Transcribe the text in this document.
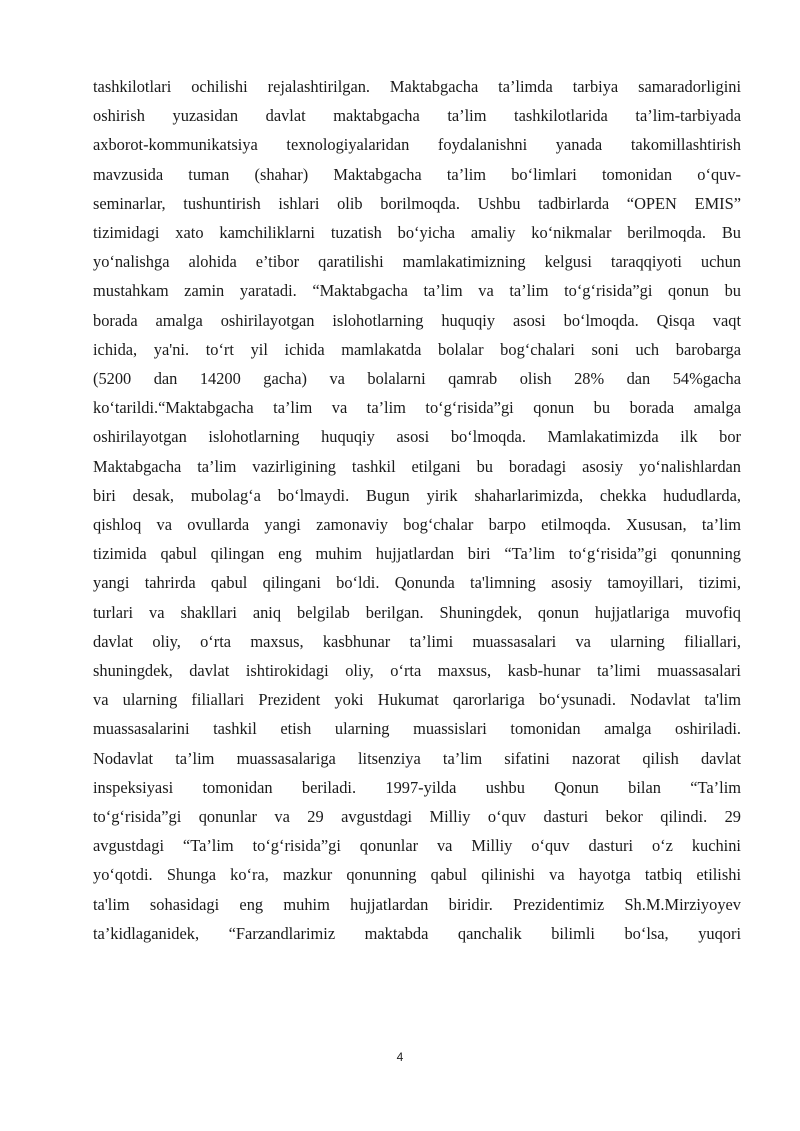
tashkilotlari ochilishi rejalashtirilgan. Maktabgacha ta’limda tarbiya samaradorligini
oshirish yuzasidan davlat maktabgacha ta’lim tashkilotlarida ta’lim-tarbiyada
axborot-kommunikatsiya texnologiyalaridan foydalanishni yanada takomillashtirish
mavzusida tuman (shahar) Maktabgacha ta’lim bo‘limlari tomonidan o‘quv-
seminarlar, tushuntirish ishlari olib borilmoqda. Ushbu tadbirlarda “OPEN EMIS”
tizimidagi xato kamchiliklarni tuzatish bo‘yicha amaliy ko‘nikmalar berilmoqda. Bu
yo‘nalishga alohida e’tibor qaratilishi mamlakatimizning kelgusi taraqqiyoti uchun
mustahkam zamin yaratadi. “Maktabgacha ta’lim va ta’lim to‘g‘risida”gi qonun bu
borada amalga oshirilayotgan islohotlarning huquqiy asosi bo‘lmoqda. Qisqa vaqt
ichida, ya'ni. to‘rt yil ichida mamlakatda bolalar bog‘chalari soni uch barobarga
(5200 dan 14200 gacha) va bolalarni qamrab olish 28% dan 54%gacha
ko‘tarildi.“Maktabgacha ta’lim va ta’lim to‘g‘risida”gi qonun bu borada amalga
oshirilayotgan islohotlarning huquqiy asosi bo‘lmoqda. Mamlakatimizda ilk bor
Maktabgacha ta’lim vazirligining tashkil etilgani bu boradagi asosiy yo‘nalishlardan
biri desak, mubolag‘a bo‘lmaydi. Bugun yirik shaharlarimizda, chekka hududlarda,
qishloq va ovullarda yangi zamonaviy bog‘chalar barpo etilmoqda. Xususan, ta’lim
tizimida qabul qilingan eng muhim hujjatlardan biri “Ta’lim to‘g‘risida”gi qonunning
yangi tahrirda qabul qilingani bo‘ldi. Qonunda ta'limning asosiy tamoyillari, tizimi,
turlari va shakllari aniq belgilab berilgan. Shuningdek, qonun hujjatlariga muvofiq
davlat oliy, o‘rta maxsus, kasbhunar ta’limi muassasalari va ularning filiallari,
shuningdek, davlat ishtirokidagi oliy, o‘rta maxsus, kasb-hunar ta’limi muassasalari
va ularning filiallari Prezident yoki Hukumat qarorlariga bo‘ysunadi. Nodavlat ta'lim
muassasalarini tashkil etish ularning muassislari tomonidan amalga oshiriladi.
Nodavlat ta’lim muassasalariga litsenziya ta’lim sifatini nazorat qilish davlat
inspeksiyasi tomonidan beriladi. 1997-yilda ushbu Qonun bilan “Ta’lim
to‘g‘risida”gi qonunlar va 29 avgustdagi Milliy o‘quv dasturi bekor qilindi. 29
avgustdagi “Ta’lim to‘g‘risida”gi qonunlar va Milliy o‘quv dasturi o‘z kuchini
yo‘qotdi. Shunga ko‘ra, mazkur qonunning qabul qilinishi va hayotga tatbiq etilishi
ta'lim sohasidagi eng muhim hujjatlardan biridir. Prezidentimiz Sh.M.Mirziyoyev
ta’kidlaganidek, “Farzandlarimiz maktabda qanchalik bilimli bo‘lsa, yuqori

4
